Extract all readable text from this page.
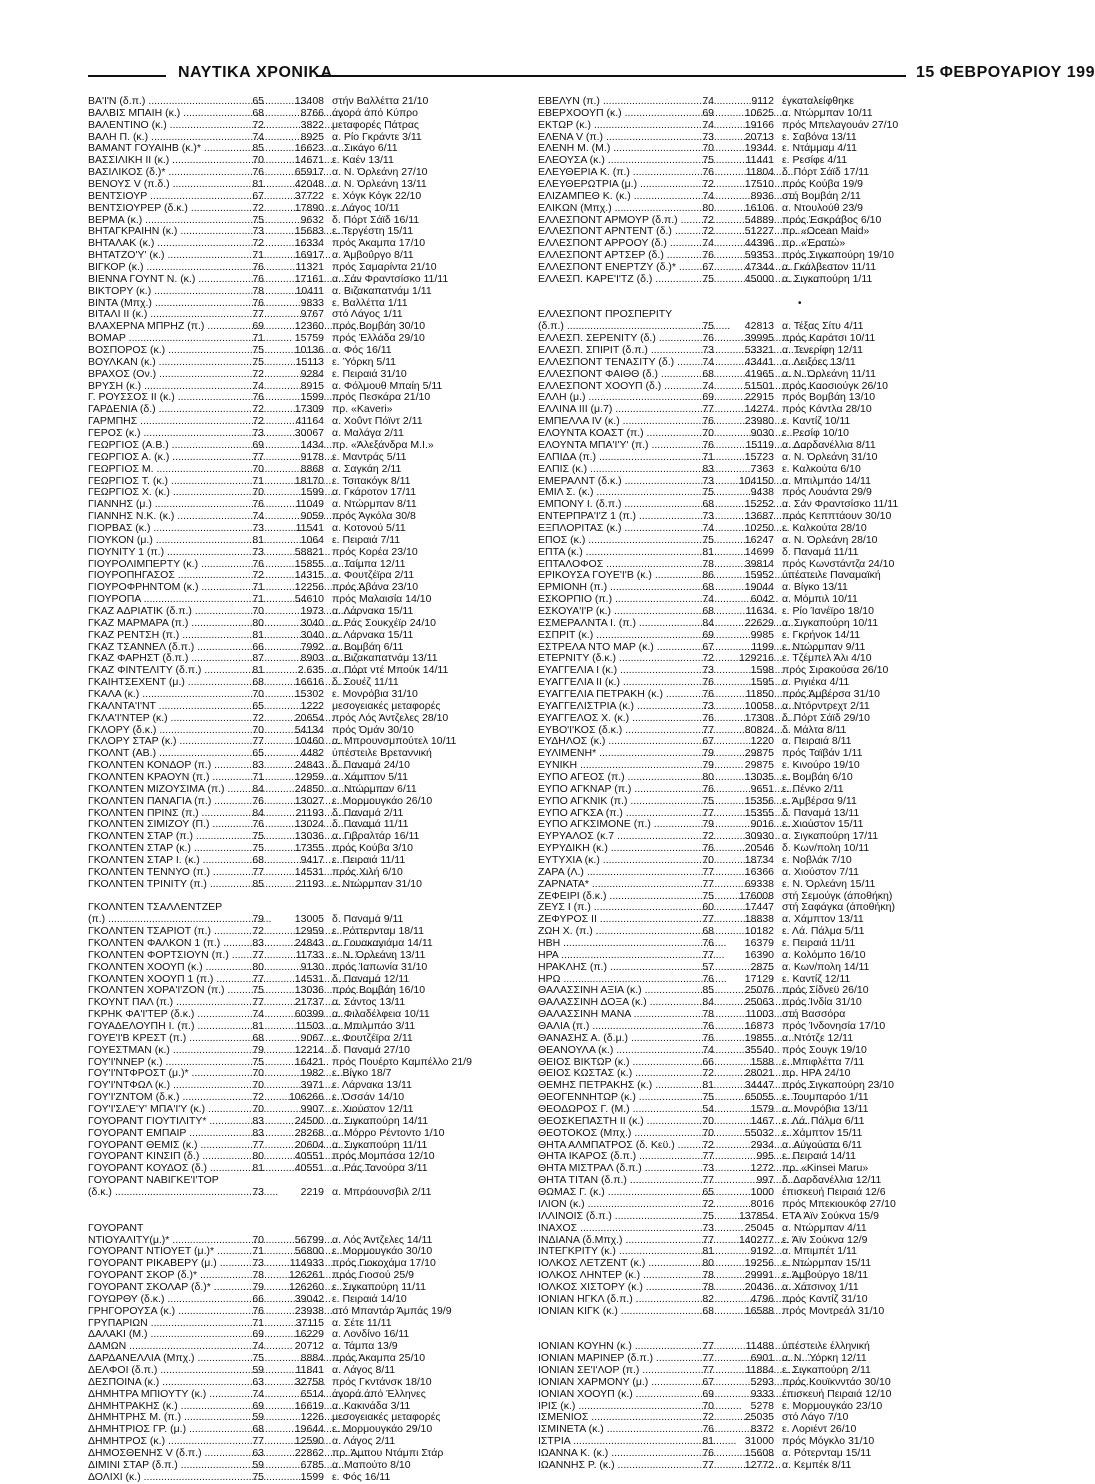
ΝΑΥΤΙΚΑ ΧΡΟΝΙΚΑ	15 ΦΕΒΡΟΥΑΡΙΟΥ 199
ΒΑ'Ι'Ν (δ.π.) .....	65	13408 στήν Βαλλέττα 21/10
ΒΑΛΒΙΣ ΜΠΑΙΗ (κ.) .....	68	8766 άγορά άπό Κύπρο
ΒΑΛΕΝΤΙΝΟ (κ.) .....	72	3822 μεταφορές Πάτρας
ΒΑΛΗ Π. (κ.) .....	74	8925 α. Ρίο Γκράντε 3/11
ΒΑΜΑΝΤ ΓΟΥΑΙΗΒ (κ.)* .....	85	16623 α. Σικάγο 6/11
ΒΑΣΣΙΛΙΚΗ ΙΙ (κ.) .....	70	14671 ε. Καέν 13/11
ΒΑΣΙΛΙΚΟΣ (δ.)* .....	76	65917 α. Ν. Όρλεάνη 27/10
ΒΕΝΟΥΣ V (π.δ.) .....	81	42048 α. Ν. Όρλεάνη 13/11
ΒΕΝΤΣΙΟΥΡ .....	67	37722 ε. Χόγκ Κόγκ 22/10
ΒΕΝΤΣΙΟΥΡΕΡ (δ.κ.) .....	72	17890 ε. Λάγος 10/11
ΒΕΡΜΑ (κ.) .....	75	9632 δ. Πόρτ Σάϊδ 16/11
ΒΗΤΑΓΚΡΑΙΗΝ (κ.) .....	73	15683 ε. Τεργέστη 15/11
ΒΗΤΑΛΑΚ (κ.) .....	72	16334 πρός Άκαμπα 17/10
ΒΗΤΑΤΖΟ'Υ' (κ.) .....	71	16917 α. Άμβοΰργο 8/11
ΒΙΓΚΟΡ (κ.) .....	76	11321 πρός Σαμαρίντα 21/10
ΒΙΕΝΝΑ ΓΟΥΝΤ Ν. (κ.) .....	76	17161 α. Σάν Φραντσίσκο 11/11
ΒΙΚΤΟΡΥ (κ.) .....	78	10411 α. Βιζακαπατνάμ 1/11
ΒΙΝΤΑ (Μπχ.) .....	76	9833 ε. Βαλλέττα 1/11
ΒΙΤΑΛΙ ΙΙ (κ.) .....	77	9767 στό Λάγος 1/11
ΒΛΑΧΕΡΝΑ ΜΠΡΗΖ (π.) .....	69	12360 πρός Βομβάη 30/10
ΒΟΜΑΡ .....	71	15759 πρός Έλλάδα 29/10
ΒΟΣΠΟΡΟΣ (κ.) .....	75	10136 α. Φός 16/11
ΒΟΥΛΚΑΝ (κ.) .....	75	15113 ε. Ύόρκη 5/11
ΒΡΑΧΟΣ (Ον.) .....	72	9284 ε. Πειραιά 31/10
ΒΡΥΣΗ (κ.) .....	74	8915 α. Φόλμουθ Μπαίη 5/11
Γ. ΡΟΥΣΣΟΣ ΙΙ (κ.) .....	76	1599 πρός Πεσκάρα 21/10
ΓΑΡΔΕΝΙΑ (δ.) .....	72	17309 πρ. «Kaveri»
ΓΑΡΜΠΗΣ .....	72	41164 α. Χοΰντ Πόϊντ 2/11
ΓΕΡΟΣ (κ.) .....	73	30067 α. Μαλάγα 2/11
ΓΕΩΡΓΙΟΣ (Α.Β.) .....	69	1434 πρ. «Άλεξάνδρα Μ.Ι.»
ΓΕΩΡΓΙΟΣ Α. (κ.) .....	77	9178 ε. Μαντράς 5/11
ΓΕΩΡΓΙΟΣ Μ. .....	70	8868 α. Σαγκάη 2/11
ΓΕΩΡΓΙΟΣ Τ. (κ.) .....	71	18170 ε. Τσιτακόγκ 8/11
ΓΕΩΡΓΙΟΣ Χ. (κ.) .....	70	1599 α. Γκάροτον 17/11
ΓΙΑΝΝΗΣ (μ.) .....	76	11049 α. Ντώρμπαν 8/11
ΓΙΑΝΝΗΣ Ν.Κ. (κ.) .....	74	9059 πρός Άγκόλα 30/8
ΓΙΟΡΒΑΣ (κ.) .....	73	11541 α. Κοτονού 5/11
ΓΙΟΥΚΟΝ (μ.) .....	81	1064 ε. Πειραιά 7/11
ΓΙΟΥΝΙΤΥ 1 (π.) .....	73	58821 πρός Κορέα 23/10
ΓΙΟΥΡΟΛΙΜΠΕΡΤΥ (κ.) .....	76	15855 α. Τσίμπα 12/11
ΓΙΟΥΡΟΠΗΓΑΣΟΣ .....	72	14315 α. Φουτζέϊρα 2/11
ΓΙΟΥΡΟΦΡΗΝΤΟΜ (κ.) .....	71	12256 πρός Άβάνα 23/10
ΓΙΟΥΡΟΠΑ .....	71	54610 πρός Μαλαισία 14/10
ΓΚΑΖ ΑΔΡΙΑΤΙΚ (δ.π.) .....	70	1973 α. Λάρνακα 15/11
ΓΚΑΖ ΜΑΡΜΑΡΑ (π.) .....	80	3040 α. Ράς Σουκχέϊρ 24/10
ΓΚΑΖ ΡΕΝΤΣΗ (π.) .....	81	3040 α. Λάρνακα 15/11
ΓΚΑΖ ΤΣΑΝΝΕΛ (δ.π.) .....	66	7992 α. Βομβάη 6/11
ΓΚΑΖ ΦΑΡΗΣΤ (δ.π.) .....	87	8903 α. Βιζακαπατνάμ 13/11
ΓΚΑΖ ΦΙΝΤΕΛΙΤΥ (δ.π.) .....	81	2.635 α. Πόρτ ντέ Μπούκ 14/11
ΓΚΑΙΗΤΣΕΧΕΝΤ (μ.) .....	68	16616 δ. Σουέζ 11/11
ΓΚΑΛΑ (κ.) .....	70	15302 ε. Μονρόβια 31/10
ΓΚΑΛΝΤΑ'Ι'ΝΤ .....	65	1222 μεσογειακές μεταφορές
ΓΚΛΑ'Ι'ΝΤΕΡ (κ.) .....	72	20654 πρός Λός Άντζελες 28/10
ΓΚΛΟΡΥ (δ.κ.) .....	70	54134 πρός Όμάν 30/10
ΓΚΛΟΡΥ ΣΤΑΡ (κ.) .....	77	10460 α. Μπρουνσμπούτελ 10/11
ΓΚΟΛΝΤ (ΑΒ.) .....	65	4482 ύπέστειλε Βρεταννική
ΓΚΟΛΝΤΕΝ ΚΟΝΔΟΡ (π.) .....	83	24843 δ. Παναμά 24/10
ΓΚΟΛΝΤΕΝ ΚΡΑΟΥΝ (π.) .....	71	12959 α. Χάμπτον 5/11
ΓΚΟΛΝΤΕΝ ΜΙΖΟΥΣΙΜΑ (π.) .....	84	24850 α. Ντώρμπαν 6/11
ΓΚΟΛΝΤΕΝ ΠΑΝΑΓΙΑ (π.) .....	76	13027 ε. Μορμουγκάο 26/10
ΓΚΟΛΝΤΕΝ ΠΡΙΝΣ (π.) .....	84	21193 δ. Παναμά 2/11
ΓΚΟΛΝΤΕΝ ΣΙΜΙΖΟΥ (Π.) .....	76	13024 δ. Παναμά 11/11
ΓΚΟΛΝΤΕΝ ΣΤΑΡ (π.) .....	75	13036 α. Γιβραλτάρ 16/11
ΓΚΟΛΝΤΕΝ ΣΤΑΡ (κ.) .....	75	17355 πρός Κούβα 3/10
ΓΚΟΛΝΤΕΝ ΣΤΑΡ Ι. (κ.) .....	68	9417 ε. Πειραιά 11/11
ΓΚΟΛΝΤΕΝ ΤΕΝΝΥΟ (π.) .....	77	14531 πρός Χιλή 6/10
ΓΚΟΛΝΤΕΝ ΤΡΙΝΙΤΥ (π.) .....	85	21193 ε. Ντώρμπαν 31/10
ΓΚΟΛΝΤΕΝ ΤΣΑΛΛΕΝΤΖΕΡ
(π.) .....	79	13005 δ. Παναμά 9/11
ΓΚΟΛΝΤΕΝ ΤΣΑΡΙΟΤ (π.) .....	72	12959 ε. Ρόττερνταμ 18/11
ΓΚΟΛΝΤΕΝ ΦΑΛΚΟΝ 1 (π.) .....	83	24843 α. Γουακαγιάμα 14/11
ΓΚΟΛΝΤΕΝ ΦΟΡΤΣΙΟΥΝ (π.) .....	77	11733 ε. Ν. Όρλεάνη 13/11
ΓΚΟΛΝΤΕΝ ΧΟΟΥΠ (κ.) .....	80	9130 πρός Ίαπωνία 31/10
ΓΚΟΛΝΤΕΝ ΧΟΟΥΠ 1 (π.) .....	77	14531 δ. Παναμά 12/11
ΓΚΟΛΝΤΕΝ ΧΟΡΑ'Ι'ΖΟΝ (π.) .....	75	13036 πρός Βομβάη 16/10
ΓΚΟΥΝΤ ΠΑΛ (π.) .....	77	21737 α. Σάντος 13/11
ΓΚΡΗΚ ΦΑ'Ι'ΤΕΡ (δ.κ.) .....	74	60399 α. Φιλαδέλφεια 10/11
ΓΟΥΑΔΕΛΟΥΠΗ Ι. (π.) .....	81	11503 α. Μπιλμπάο 3/11
ΓΟΥΕ'Ι'Β ΚΡΕΣΤ (π.) .....	68	9067 ε. Φουτζέϊρα 2/11
ΓΟΥΕΣΤΜΑΝ (κ.) .....	79	12214 δ. Παναμά 27/10
ΓΟΥ'Ι'ΝΝΕΡ (κ.) .....	75	16421 πρός Πουέρτο Καμπέλλο 21/9
ΓΟΥ'Ι'ΝΤΦΡΟΣΤ (μ.)* .....	70	1982 ε. Βίγκο 18/7
ΓΟΥ'Ι'ΝΤΦΩΛ (κ.) .....	70	3971 ε. Λάρνακα 13/11
ΓΟΥ'Ι'ΖΝΤΟΜ (δ.κ.) .....	72	106266 ε. Όσσάν 14/10
ΓΟΥ'Ι'ΣΛΕ'Υ' ΜΠΑ'Ι'Υ (κ.) .....	70	9907 ε. Χιούστον 12/11
ΓΟΥΟΡΑΝΤ ΓΙΟΥΤΙΛΙΤΥ* .....	83	24500 α. Σιγκαπούρη 14/11
ΓΟΥΟΡΑΝΤ ΕΜΠΑΙΡ .....	83	28268 α. Μόρρο Ρέντοντο 1/10
ΓΟΥΟΡΑΝΤ ΘΕΜΙΣ (κ.) .....	77	20604 α. Σιγκαπούρη 11/11
ΓΟΥΟΡΑΝΤ ΚΙΝΣΙΠ (δ.) .....	80	40551 πρός Μομπάσα 12/10
ΓΟΥΟΡΑΝΤ ΚΟΥΔΟΣ (δ.) .....	81	40551 α. Ράς Τανούρα 3/11
ΓΟΥΟΡΑΝΤ ΝΑΒΙΓΚΕ'Ι'ΤΟΡ
(δ.κ.) .....	73	2219 α. Μπράουνσβιλ 2/11
ΓΟΥΟΡΑΝΤ
ΝΤΙΟΥΑΛΙΤΥ(μ.)* .....	70	56799 α. Λός Άντζελες 14/11
ΓΟΥΟΡΑΝΤ ΝΤΙΟΥΕΤ (μ.)* .....	71	56800 ε. Μορμουγκάο 30/10
ΓΟΥΟΡΑΝΤ ΡΙΚΑΒΕΡΥ (μ.) .....	73	114933 πρός Γιοκοχάμα 17/10
ΓΟΥΟΡΑΝΤ ΣΚΟΡ (δ.)* .....	78	126261 πρός Γιοσού 25/9
ΓΟΥΟΡΑΝΤ ΣΚΟΛΑΡ (δ.)* .....	79	126260 ε. Σιγκαπούρη 11/11
ΓΟΥΩΡΘΥ (δ.κ.) .....	66	39042 ε. Πειραιά 14/10
ΓΡΗΓΟΡΟΥΣΑ (κ.) .....	76	23938 στό Μπαντάρ Άμπάς 19/9
ΓΡΥΠΑΡΙΩΝ .....	71	37115 α. Σέτε 11/11
ΔΑΛΑΚΙ (Μ.) .....	69	16229 α. Λονδίνο 16/11
ΔΑΜΩΝ .....	74	20712 α. Τάμπα 13/9
ΔΑΡΔΑΝΕΛΛΙΑ (Μπχ.) .....	75	8884 πρός Άκαμπα 25/10
ΔΕΛΦΟΙ (δ.π.) .....	59	11841 α. Λάγος 8/11
ΔΕΣΠΟΙΝΑ (κ.) .....	63	32758 πρός Γκντάνσκ 18/10
ΔΗΜΗΤΡΑ ΜΠΙΟΥΤΥ (κ.) .....	74	6514 άγορά άπό Έλληνες
ΔΗΜΗΤΡΑΚΗΣ (κ.) .....	69	16619 α. Κακινάδα 3/11
ΔΗΜΗΤΡΗΣ Μ. (π.) .....	59	1226 μεσογειακές μεταφορές
ΔΗΜΗΤΡΙΟΣ ΓΡ. (μ.) .....	68	19644 ε. Μορμουγκάο 29/10
ΔΗΜΗΤΡΟΣ (κ.) .....	77	12590 α. Λάγος 2/11
ΔΗΜΟΣΘΕΝΗΣ V (δ.π.) .....	63	22862 πρ. Άμπου Ντάμπι Στάρ
ΔΙΜΙΝΙ ΣΤΑΡ (δ.π.) .....	59	6785 α. Μαπούτο 8/10
ΔΟΛΙΧΙ (κ.) .....	75	1599 ε. Φός 16/11
ΕΒΕΛΥΝ (π.) .....	74	9112 έγκαταλείφθηκε
ΕΒΕΡΧΟΟΥΠ (κ.) .....	69	10625 α. Ντώρμπαν 10/11
ΕΚΤΩΡ (κ.) .....	74	19166 πρός Μπελαγουάν 27/10
ΕΛΕΝΑ V (π.) .....	73	20713 ε. Σαβόνα 13/11
ΕΛΕΝΗ Μ. (Μ.) .....	70	19344 ε. Ντάμμαμ 4/11
ΕΛΕΟΥΣΑ (κ.) .....	75	11441 ε. Ρεσίφε 4/11
ΕΛΕΥΘΕΡΙΑ Κ. (π.) .....	76	11804 δ. Πόρτ Σάϊδ 17/11
ΕΛΕΥΘΕΡΩΤΡΙΑ (μ.) .....	72	17510 πρός Κούβα 19/9
ΕΛΙΖΑΜΠΕΘ Κ. (κ.) .....	74	8936 στή Βομβάη 2/11
ΕΛΙΚΩΝ (Μπχ.) .....	80	16106 α. Ντουλούθ 23/9
ΕΛΛΕΣΠΟΝΤ ΑΡΜΟΥΡ (δ.π.) .....	72	54889 πρός Έσκράβος 6/10
ΕΛΛΕΣΠΟΝΤ ΑΡΝΤΕΝΤ (δ.) .....	72	51227 πρ. «Ocean Maid»
ΕΛΛΕΣΠΟΝΤ ΑΡΡΟΟΥ (δ.) .....	74	44396 πρ. «Έρατώ»
ΕΛΛΕΣΠΟΝΤ ΑΡΤΣΕΡ (δ.) .....	76	59353 πρός Σιγκαπούρη 19/10
ΕΛΛΕΣΠΟΝΤ ΕΝΕΡΤΖΥ (δ.)* .....	67	47344 α. Γκάλβεστον 11/11
ΕΛΛΕΣΠ. ΚΑΡΕ'Ι'ΤΖ (δ.) .....	75	45000 α. Σιγκαπούρη 1/11
•
ΕΛΛΕΣΠΟΝΤ ΠΡΟΣΠΕΡΙΤΥ
(δ.π.) .....	75	42813 α. Τέξας Σίτυ 4/11
ΕΛΛΕΣΠ. ΣΕΡΕΝΙΤΥ (δ.) .....	76	39995 πρός Καράτσι 10/11
ΕΛΛΕΣΠ. ΣΠΙΡΙΤ (δ.π.) .....	73	53321 α. Τενερίφη 12/11
ΕΛΛΕΣΠΟΝΤ ΤΕΝΑΣΙΤΥ (δ.) .....	74	43441 α. Λειξόες 13/11
ΕΛΛΕΣΠΟΝΤ ΦΑΙΘΘ (δ.) .....	68	41965 α. Ν. Όρλεάνη 11/11
ΕΛΛΕΣΠΟΝΤ ΧΟΟΥΠ (δ.) .....	74	51501 πρός Καοσιούγκ 26/10
ΕΛΛΗ (μ.) .....	69	22915 πρός Βομβάη 13/10
ΕΛΛΙΝΑ ΙΙΙ (μ.7) .....	77	14274 πρός Κάντλα 28/10
ΕΜΠΕΛΛΑ IV (κ.) .....	76	23980 ε. Καντίζ 10/11
ΕΛΟΥΝΤΑ ΚΟΑΣΤ (π.) .....	70	9030 ε. Ρεσίφ 10/10
ΕΛΟΥΝΤΑ ΜΠΑ'Ι'Υ' (π.) .....	76	15119 α. Δαρδανέλλια 8/11
ΕΛΠΙΔΑ (π.) .....	71	15723 α. Ν. Όρλεάνη 31/10
ΕΛΠΙΣ (κ.) .....	83	7363 ε. Καλκούτα 6/10
ΕΜΕΡΑΛΝΤ (δ.κ.) .....	73	104150 α. Μπιλμπάο 14/11
ΕΜΙΛ Σ. (κ.) .....	75	9438 πρός Λουάντα 29/9
ΕΜΠΟΝΥ Ι. (δ.π.) .....	68	15252 α. Σάν Φραντσίσκο 11/11
ΕΝΤΕΡΠΡΑ'Ι'Ζ 1 (π.) .....	73	13687 πρός Κεππτάουν 30/10
ΕΞΠΛΟΡΙΤΑΣ (κ.) .....	74	10250 ε. Καλκούτα 28/10
ΕΠΟΣ (κ.) .....	75	16247 α. Ν. Όρλεάνη 28/10
ΕΠΤΑ (κ.) .....	81	14699 δ. Παναμά 11/11
ΕΠΤΑΛΟΦΟΣ .....	78	39814 πρός Κωνστάντζα 24/10
ΕΡΙΚΟΥΣΑ ΓΟΥΕ'Ι'Β (κ.) .....	86	15952 ύπέστειλε Παναμαϊκή
ΕΡΜΙΟΝΗ (π.) .....	68	19044 α. Βίγκο 13/11
ΕΣΚΟΡΠΙΟ (π.) .....	74	6042 α. Μόμπιλ 10/11
ΕΣΚΟΥΑ'Ι'Ρ (κ.) .....	68	11634 ε. Ρίο Ίανέϊρο 18/10
ΕΣΜΕΡΑΛΝΤΑ Ι. (π.) .....	84	22629 α. Σιγκαπούρη 10/11
ΕΣΠΡΙΤ (κ.) .....	69	9985 ε. Γκρήνοκ 14/11
ΕΣΤΡΕΛΑ ΝΤΟ ΜΑΡ (κ.) .....	67	1199 ε. Ντώρμπαν 9/11
ΕΤΕΡΝΙΤΥ (δ.κ.) .....	72	129216 ε. Τζέμπελ Άλι 4/10
ΕΥΑΓΓΕΛΙΑ Ι (κ.) .....	73	1598 πρός Σιρακούσα 26/10
ΕΥΑΓΓΕΛΙΑ ΙΙ (κ.) .....	76	1595 α. Ριγιέκα 4/11
ΕΥΑΓΓΕΛΙΑ ΠΕΤΡΑΚΗ (κ.) .....	76	11850 πρός Άμβέρσα 31/10
ΕΥΑΓΓΕΛΙΣΤΡΙΑ (κ.) .....	73	10058 α. Ντόρντρεχτ 2/11
ΕΥΑΓΓΕΛΟΣ Χ. (κ.) .....	76	17308 δ. Πόρτ Σάϊδ 29/10
ΕΥΒΟ'Ι'ΚΟΣ (δ.κ.) .....	77	80824 δ. Μάλτα 8/11
ΕΥΔΗΛΟΣ (κ.) .....	67	1220 α. Πειραιά 8/11
ΕΥΛΙΜΕΝΗ* .....	79	29875 πρός Ταϊβάν 1/11
ΕΥΝΙΚΗ .....	79	29875 ε. Κινούρο 19/10
ΕΥΠΟ ΑΓΕΟΣ (π.) .....	80	13035 ε. Βομβάη 6/10
ΕΥΠΟ ΑΓΚΝΑΡ (π.) .....	76	9651 ε. Πένκο 2/11
ΕΥΠΟ ΑΓΚΝΙΚ (π.) .....	75	15356 ε. Άμβέρσα 9/11
ΕΥΠΟ ΑΓΚΣΑ (π.) .....	77	15355 δ. Παναμά 13/11
ΕΥΠΟ ΑΓΚΣΙΜΟΝΕ (π.) .....	79	9016 ε. Χιούστον 15/11
ΕΥΡΥΑΛΟΣ (κ.7 .....	72	30930 α. Σιγκαπούρη 17/11
ΕΥΡΥΔΙΚΗ (κ.) .....	76	20546 δ. Κων/πολη 10/11
ΕΥΤΥΧΙΑ (κ.) .....	70	18734 ε. Νοβλάκ 7/10
ΖΑΡΑ (Λ.) .....	77	16366 α. Χιούστον 7/11
ΖΑΡΝΑΤΑ* .....	77	69338 ε. Ν. Όρλεάνη 15/11
ΖΕΦΕΙΡΙ (δ.κ.) .....	75	176008 στή Σεμούγκ (άποθήκη)
ΖΕΥΣ Ι (π.) .....	60	17447 στή Σαφάγκα (άποθήκη)
ΖΕΦΥΡΟΣ ΙΙ .....	77	18838 α. Χάμπτον 13/11
ΖΩΗ Χ. (π.) .....	68	10182 ε. Λά. Πάλμα 5/11
ΗΒΗ .....	76	16379 ε. Πειραιά 11/11
ΗΡΑ .....	77	16390 α. Κολόμπο 16/10
ΗΡΑΚΛΗΣ (π.) .....	57	2875 α. Κων/πολη 14/11
ΗΡΩ .....	76	17129 ε. Καντίζ 12/11
ΘΑΛΑΣΣΙΝΗ ΑΞΙΑ (κ.) .....	85	25076 πρός Σίδνεϋ 26/10
ΘΑΛΑΣΣΙΝΗ ΔΟΞΑ (κ.) .....	84	25063 πρός Ίνδία 31/10
ΘΑΛΑΣΣΙΝΗ ΜΑΝΑ .....	78	11003 στή Βασσόρα
ΘΑΛΙΑ (π.) .....	76	16873 πρός Ίνδονησία 17/10
ΘΑΝΑΣΗΣ Α. (δ.μ.) .....	76	19855 α. Ντότζε 12/11
ΘΕΑΝΟΥΛΑ (κ.) .....	74	35540 πρός Σουγκ 19/10
ΘΕΙΟΣ ΒΙΚΤΩΡ (κ.) .....	66	1588 ε. Μπιφλέττα 7/11
ΘΕΙΟΣ ΚΩΣΤΑΣ (κ.) .....	72	28021 πρ. ΗΡΑ 24/10
ΘΕΜΗΣ ΠΕΤΡΑΚΗΣ (κ.) .....	81	34447 πρός Σιγκαπούρη 23/10
ΘΕΟΓΕΝΝΗΤΩΡ (κ.) .....	75	65055 ε. Τουμπαρόο 1/11
ΘΕΟΔΩΡΟΣ Γ. (Μ.) .....	54	1579 α. Μονρόβια 13/11
ΘΕΟΣΚΕΠΑΣΤΗ ΙΙ (κ.) .....	70	1467 ε. Λά. Πάλμα 6/11
ΘΕΟΤΟΚΟΣ (Μπχ.) .....	70	55032 ε. Χάμπτον 15/11
ΘΗΤΑ ΑΛΜΠΑΤΡΟΣ (δ. Κεϋ.) .....	72	2934 α. Αύγούστα 6/11
ΘΗΤΑ ΙΚΑΡΟΣ (δ.π.) .....	77	995 ε. Πειραιά 14/11
ΘΗΤΑ ΜΙΣΤΡΑΛ (δ.π.) .....	73	1272 πρ. «Kinsei Maru»
ΘΗΤΑ ΤΙΤΑΝ (δ.π.) .....	77	997 δ. Δαρδανέλλια 12/11
ΘΩΜΑΣ Γ. (κ.) .....	65	1000 έπισκευή Πειραιά 12/6
ΙΛΙΟΝ (κ.) .....	72	8016 πρός Μπεκιουκόφ 27/10
ΙΛΛΙΝΟΙΣ (δ.π.) .....	75	137854 ΕΤΑ Άϊν Σούκνα 15/9
ΙΝΑΧΟΣ .....	73	25045 α. Ντώρμπαν 4/11
ΙΝΔΙΑΝΑ (δ.Μπχ.) .....	77	140277 ε. Άϊν Σούκνα 12/9
ΙΝΤΕΓΚΡΙΤΥ (κ.) .....	81	9192 α. Μπιμπέτ 1/11
ΙΟΛΚΟΣ ΛΕΤΖΕΝΤ (κ.) .....	80	19256 ε. Ντώρμπαν 15/11
ΙΟΛΚΟΣ ΛΗΝΤΕΡ (κ.) .....	78	29991 ε. Άμβούργο 18/11
ΙΟΛΚΟΣ ΧΙΣΤΟΡΥ (κ.) .....	78	20436 α. Χάτσινοχ 1/11
ΙΟΝΙΑΝ ΗΓΚΛ (δ.π.) .....	82	4796 πρός Καντίζ 31/10
ΙΟΝΙΑΝ ΚΙΓΚ (κ.) .....	68	16588 πρός Μοντρεάλ 31/10
ΙΟΝΙΑΝ ΚΟΥΗΝ (κ.) .....	77	11488 ύπέστειλε έλληνική
ΙΟΝΙΑΝ ΜΑΡΙΝΕΡ (δ.π.) .....	77	6901 α. Ν. Ύόρκη 12/11
ΙΟΝΙΑΝ ΣΕ'Ι'ΛΟΡ (π.) .....	77	11884 ε. Σιγκαπούρη 2/11
ΙΟΝΙΑΝ ΧΑΡΜΟΝΥ (μ.) .....	67	5293 πρός Κουϊκνντάο 30/10
ΙΟΝΙΑΝ ΧΟΟΥΠ (κ.) .....	69	9333 έπισκευή Πειραιά 12/10
ΙΡΙΣ (κ.) .....	70	5278 ε. Μορμουγκάο 23/10
ΙΣΜΕΝΙΟΣ .....	72	25035 στό Λάγο 7/10
ΙΣΜΙΝΕΤΑ (κ.) .....	76	8372 ε. Λοριέντ 26/10
ΙΣΤΡΙΑ .....	81	31000 πρός Μόγκλο 31/10
ΙΩΑΝΝΑ Κ. (κ.) .....	76	15608 α. Ρότερνταμ 15/11
ΙΩΑΝΝΗΣ Ρ. (κ.) .....	77	12772 α. Κεμπέκ 8/11
